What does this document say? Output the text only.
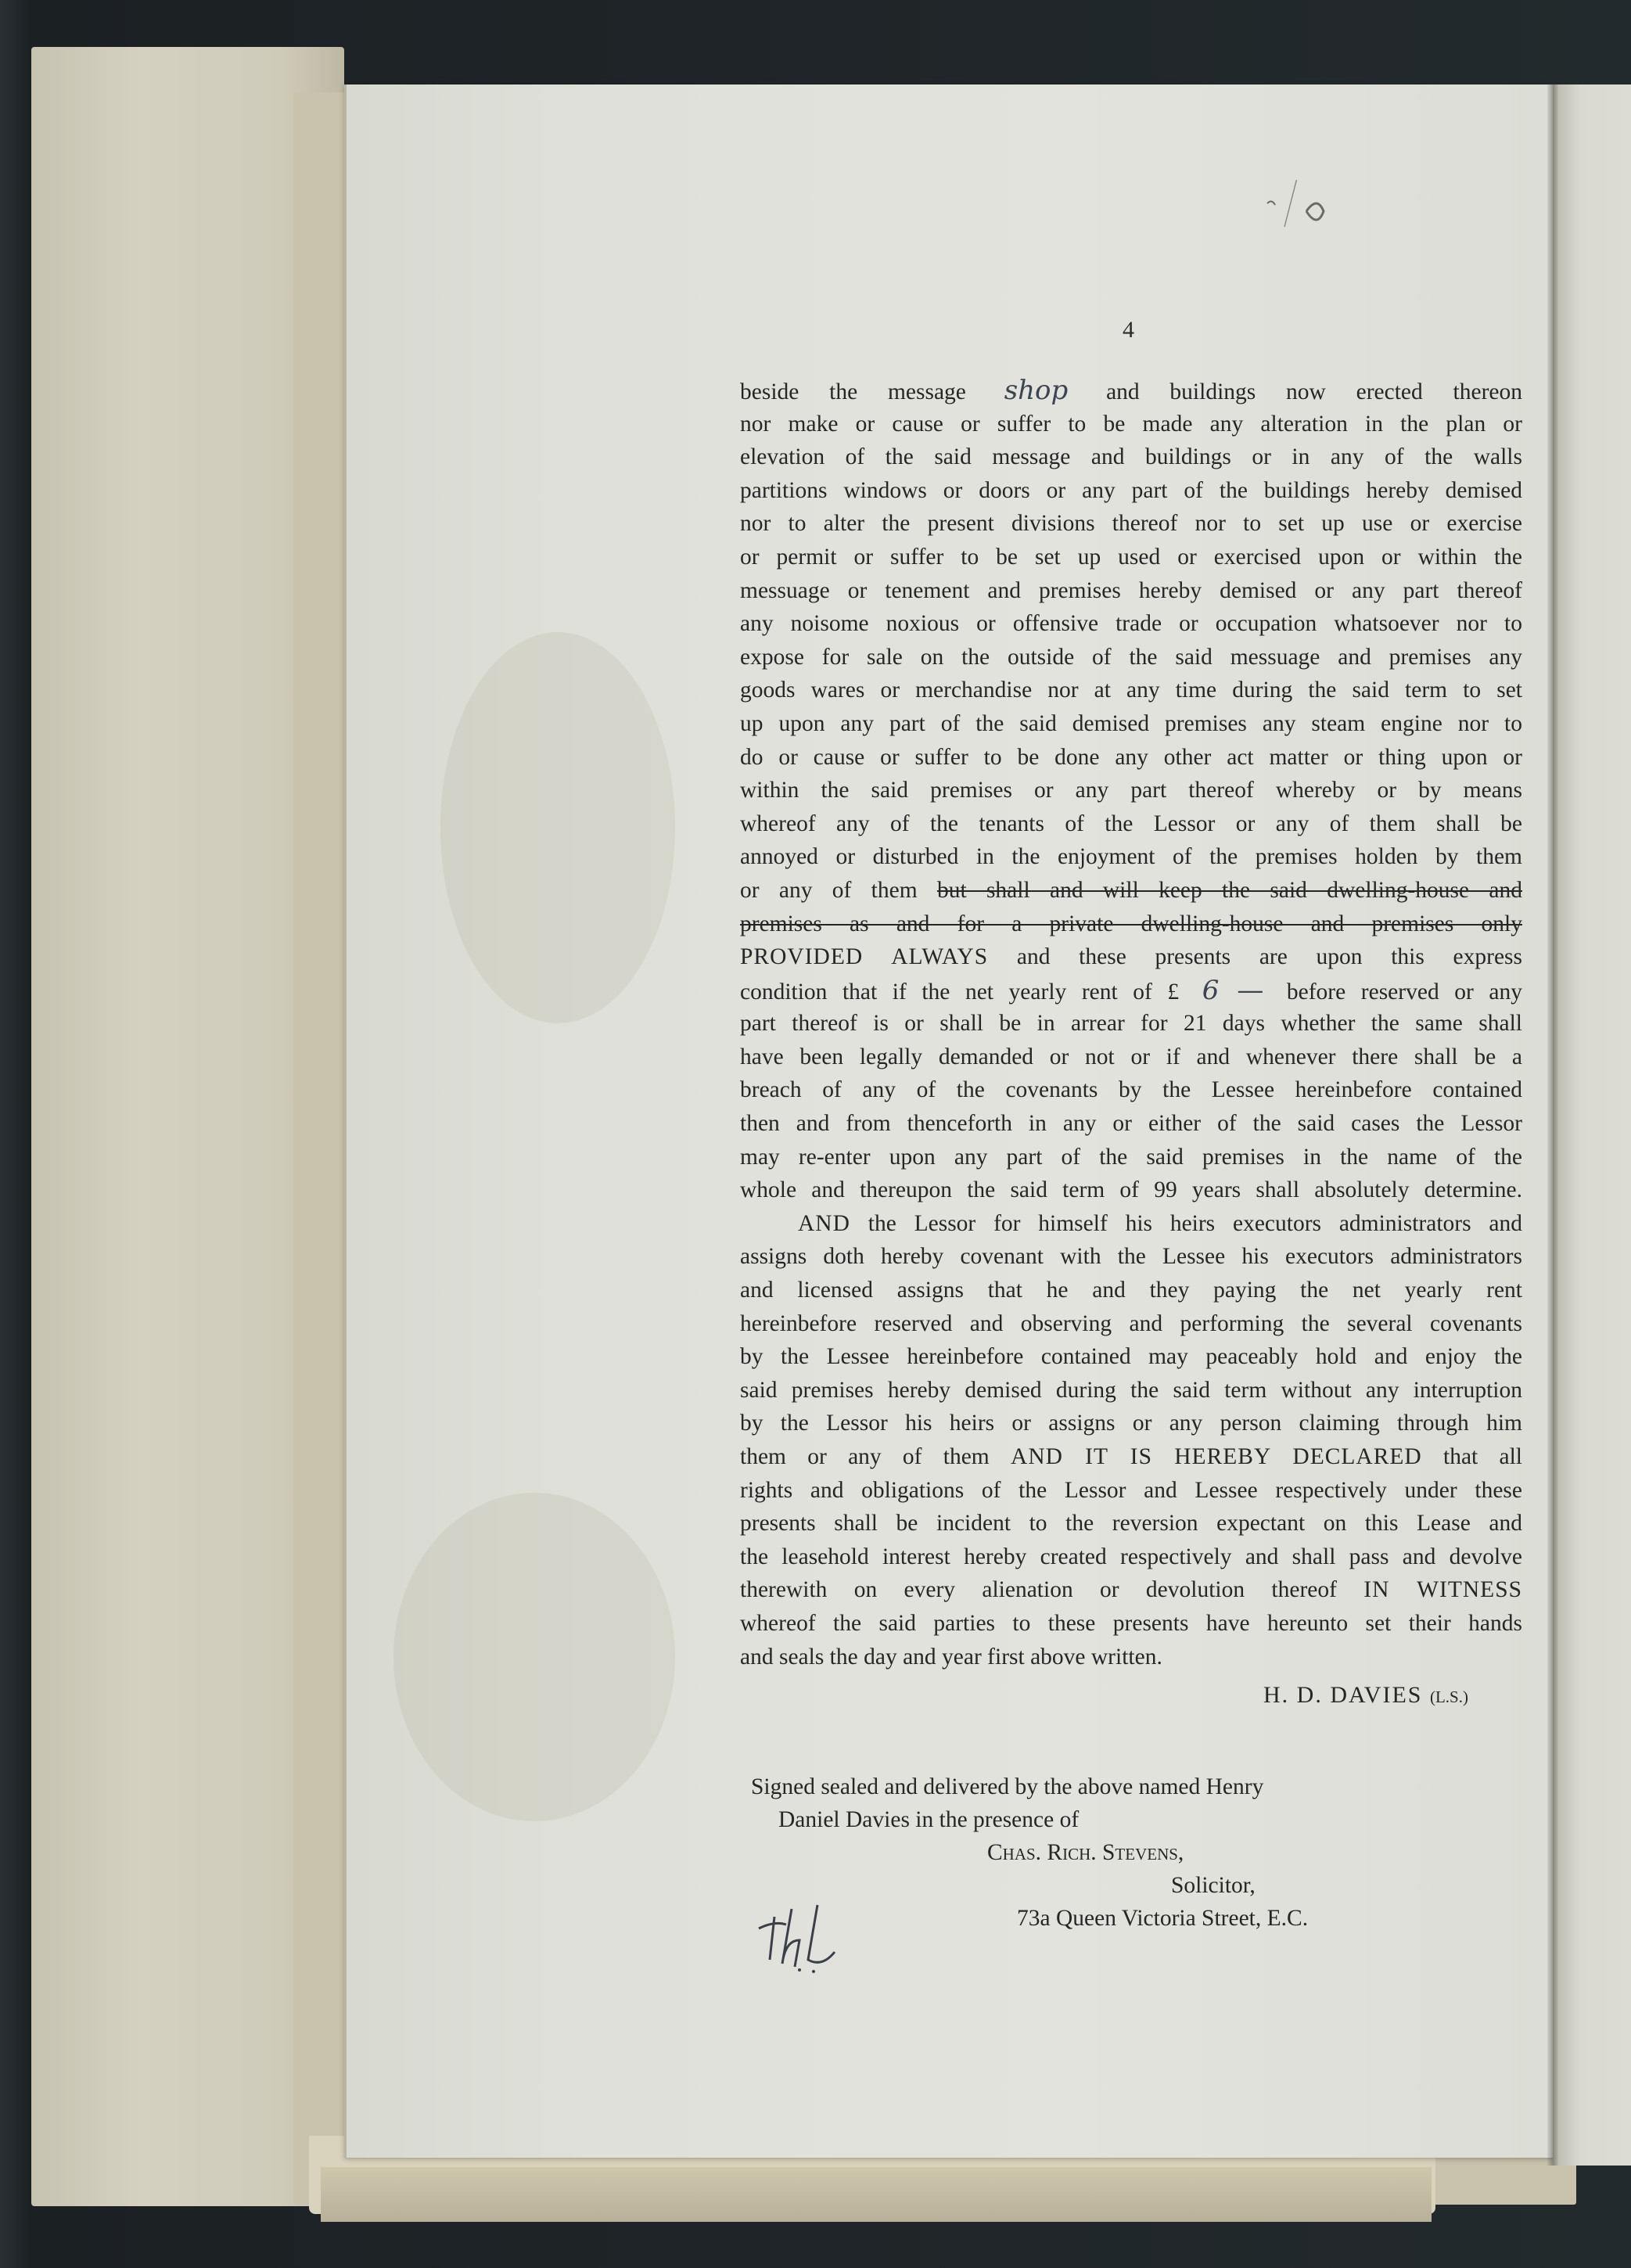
4
beside the message shop and buildings now erected thereon
nor make or cause or suffer to be made any alteration in the plan or
elevation of the said message and buildings or in any of the walls
partitions windows or doors or any part of the buildings hereby demised
nor to alter the present divisions thereof nor to set up use or exercise
or permit or suffer to be set up used or exercised upon or within the
messuage or tenement and premises hereby demised or any part thereof
any noisome noxious or offensive trade or occupation whatsoever nor to
expose for sale on the outside of the said messuage and premises any
goods wares or merchandise nor at any time during the said term to set
up upon any part of the said demised premises any steam engine nor to
do or cause or suffer to be done any other act matter or thing upon or
within the said premises or any part thereof whereby or by means
whereof any of the tenants of the Lessor or any of them shall be
annoyed or disturbed in the enjoyment of the premises holden by them
or any of them but shall and will keep the said dwelling-house and
premises as and for a private dwelling-house and premises only
PROVIDED ALWAYS and these presents are upon this express
condition that if the net yearly rent of £ 6 — before reserved or any
part thereof is or shall be in arrear for 21 days whether the same shall
have been legally demanded or not or if and whenever there shall be a
breach of any of the covenants by the Lessee hereinbefore contained
then and from thenceforth in any or either of the said cases the Lessor
may re-enter upon any part of the said premises in the name of the
whole and thereupon the said term of 99 years shall absolutely determine.
AND the Lessor for himself his heirs executors administrators and
assigns doth hereby covenant with the Lessee his executors administrators
and licensed assigns that he and they paying the net yearly rent
hereinbefore reserved and observing and performing the several covenants
by the Lessee hereinbefore contained may peaceably hold and enjoy the
said premises hereby demised during the said term without any interruption
by the Lessor his heirs or assigns or any person claiming through him
them or any of them AND IT IS HEREBY DECLARED that all
rights and obligations of the Lessor and Lessee respectively under these
presents shall be incident to the reversion expectant on this Lease and
the leasehold interest hereby created respectively and shall pass and devolve
therewith on every alienation or devolution thereof IN WITNESS
whereof the said parties to these presents have hereunto set their hands
and seals the day and year first above written.
H. D. DAVIES (L.S.)
Signed sealed and delivered by the above named Henry
Daniel Davies in the presence of
Chas. Rich. Stevens,
Solicitor,
73a Queen Victoria Street, E.C.
